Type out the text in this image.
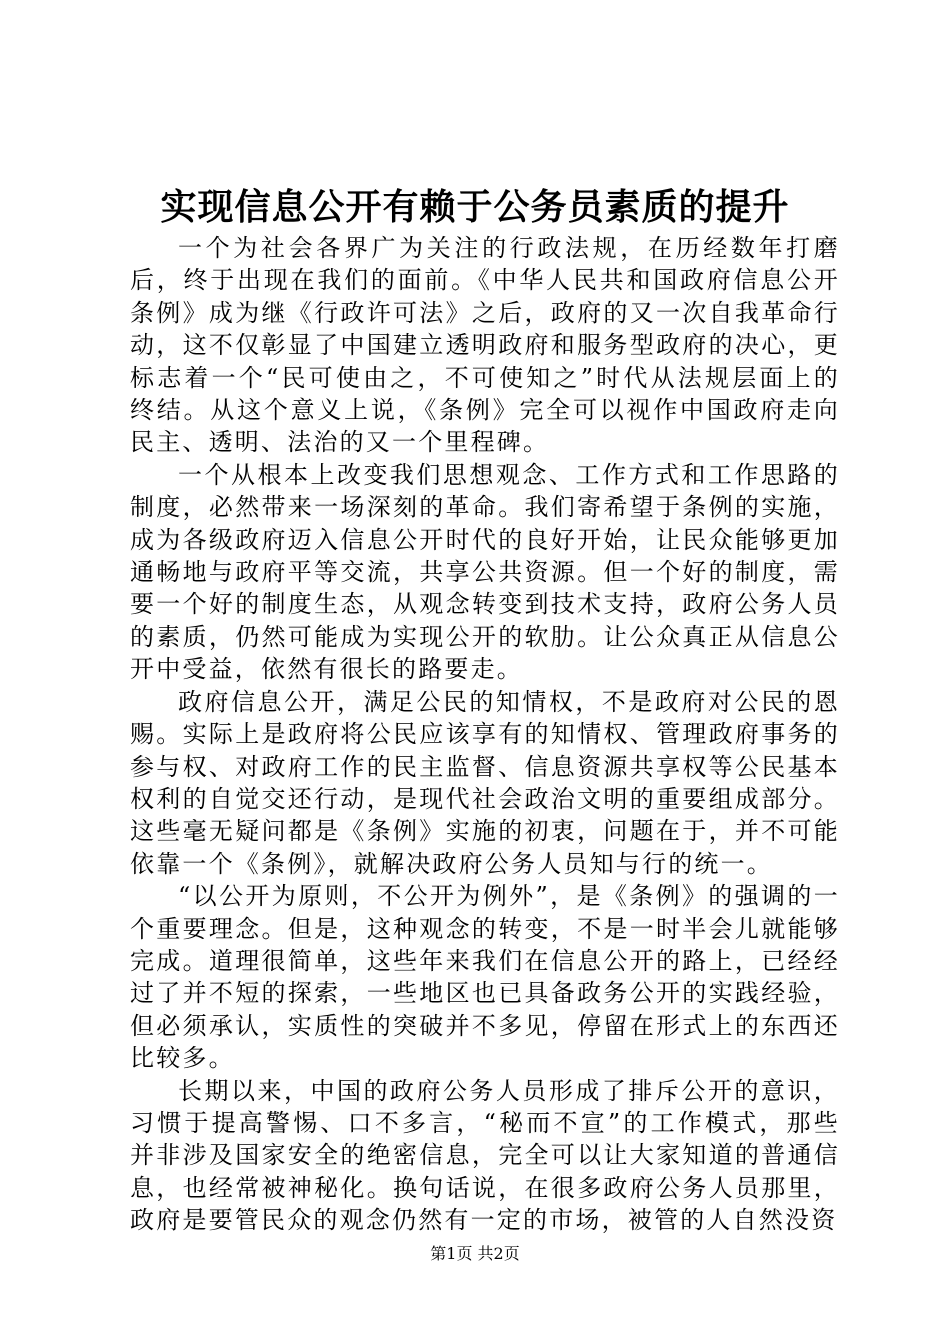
实现信息公开有赖于公务员素质的提升

一个为社会各界广为关注的行政法规，在历经数年打磨后，终于出现在我们的面前。《中华人民共和国政府信息公开条例》成为继《行政许可法》之后，政府的又一次自我革命行动，这不仅彰显了中国建立透明政府和服务型政府的决心，更标志着一个“民可使由之，不可使知之”时代从法规层面上的终结。从这个意义上说，《条例》完全可以视作中国政府走向民主、透明、法治的又一个里程碑。

一个从根本上改变我们思想观念、工作方式和工作思路的制度，必然带来一场深刻的革命。我们寄希望于条例的实施，成为各级政府迈入信息公开时代的良好开始，让民众能够更加通畅地与政府平等交流，共享公共资源。但一个好的制度，需要一个好的制度生态，从观念转变到技术支持，政府公务人员的素质，仍然可能成为实现公开的软肋。让公众真正从信息公开中受益，依然有很长的路要走。

政府信息公开，满足公民的知情权，不是政府对公民的恩赐。实际上是政府将公民应该享有的知情权、管理政府事务的参与权、对政府工作的民主监督、信息资源共享权等公民基本权利的自觉交还行动，是现代社会政治文明的重要组成部分。这些毫无疑问都是《条例》实施的初衷，问题在于，并不可能依靠一个《条例》，就解决政府公务人员知与行的统一。

“以公开为原则，不公开为例外”，是《条例》的强调的一个重要理念。但是，这种观念的转变，不是一时半会儿就能够完成。道理很简单，这些年来我们在信息公开的路上，已经经过了并不短的探索，一些地区也已具备政务公开的实践经验，但必须承认，实质性的突破并不多见，停留在形式上的东西还比较多。

长期以来，中国的政府公务人员形成了排斥公开的意识，习惯于提高警惕、口不多言，“秘而不宣”的工作模式，那些并非涉及国家安全的绝密信息，完全可以让大家知道的普通信息，也经常被神秘化。换句话说，在很多政府公务人员那里，政府是要管民众的观念仍然有一定的市场，被管的人自然没资

第1页 共2页
